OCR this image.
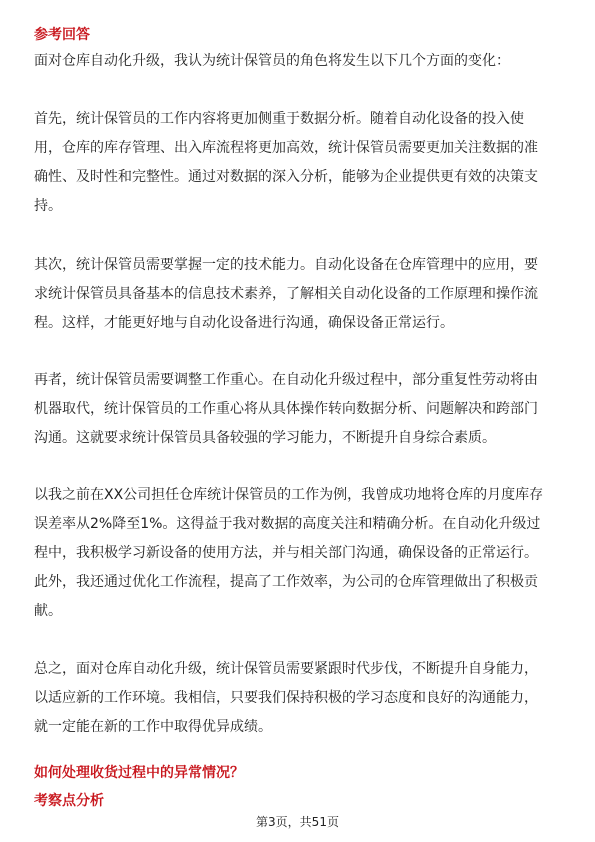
参考回答
面对仓库自动化升级，我认为统计保管员的角色将发生以下几个方面的变化：
首先，统计保管员的工作内容将更加侧重于数据分析。随着自动化设备的投入使
用，仓库的库存管理、出入库流程将更加高效，统计保管员需要更加关注数据的准
确性、及时性和完整性。通过对数据的深入分析，能够为企业提供更有效的决策支
持。
其次，统计保管员需要掌握一定的技术能力。自动化设备在仓库管理中的应用，要
求统计保管员具备基本的信息技术素养，了解相关自动化设备的工作原理和操作流
程。这样，才能更好地与自动化设备进行沟通，确保设备正常运行。
再者，统计保管员需要调整工作重心。在自动化升级过程中，部分重复性劳动将由
机器取代，统计保管员的工作重心将从具体操作转向数据分析、问题解决和跨部门
沟通。这就要求统计保管员具备较强的学习能力，不断提升自身综合素质。
以我之前在XX公司担任仓库统计保管员的工作为例，我曾成功地将仓库的月度库存
误差率从2%降至1%。这得益于我对数据的高度关注和精确分析。在自动化升级过
程中，我积极学习新设备的使用方法，并与相关部门沟通，确保设备的正常运行。
此外，我还通过优化工作流程，提高了工作效率，为公司的仓库管理做出了积极贡
献。
总之，面对仓库自动化升级，统计保管员需要紧跟时代步伐，不断提升自身能力，
以适应新的工作环境。我相信，只要我们保持积极的学习态度和良好的沟通能力，
就一定能在新的工作中取得优异成绩。
如何处理收货过程中的异常情况？
考察点分析
第3页，共51页
